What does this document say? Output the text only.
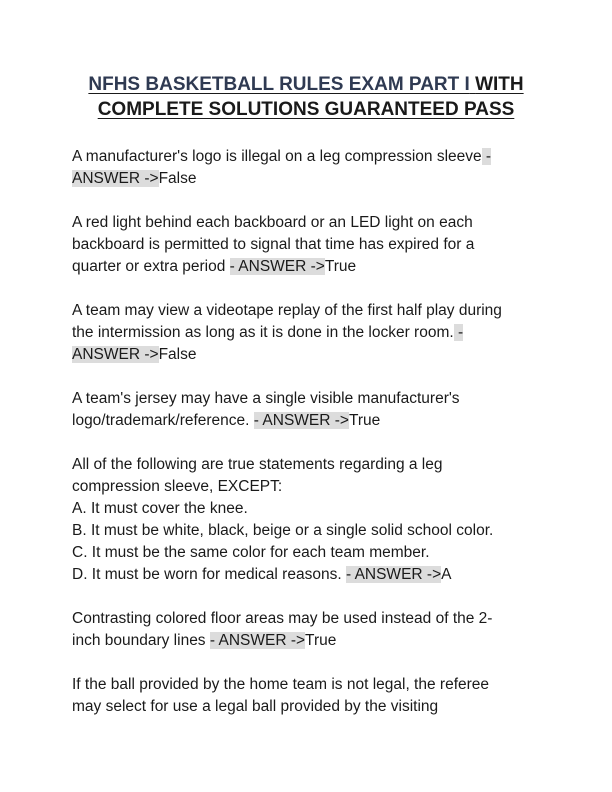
NFHS BASKETBALL RULES EXAM PART I WITH
COMPLETE SOLUTIONS GUARANTEED PASS
A manufacturer's logo is illegal on a leg compression sleeve -
ANSWER ->False
A red light behind each backboard or an LED light on each
backboard is permitted to signal that time has expired for a
quarter or extra period - ANSWER ->True
A team may view a videotape replay of the first half play during
the intermission as long as it is done in the locker room. -
ANSWER ->False
A team's jersey may have a single visible manufacturer's
logo/trademark/reference. - ANSWER ->True
All of the following are true statements regarding a leg
compression sleeve, EXCEPT:
A. It must cover the knee.
B. It must be white, black, beige or a single solid school color.
C. It must be the same color for each team member.
D. It must be worn for medical reasons. - ANSWER ->A
Contrasting colored floor areas may be used instead of the 2-
inch boundary lines - ANSWER ->True
If the ball provided by the home team is not legal, the referee
may select for use a legal ball provided by the visiting
